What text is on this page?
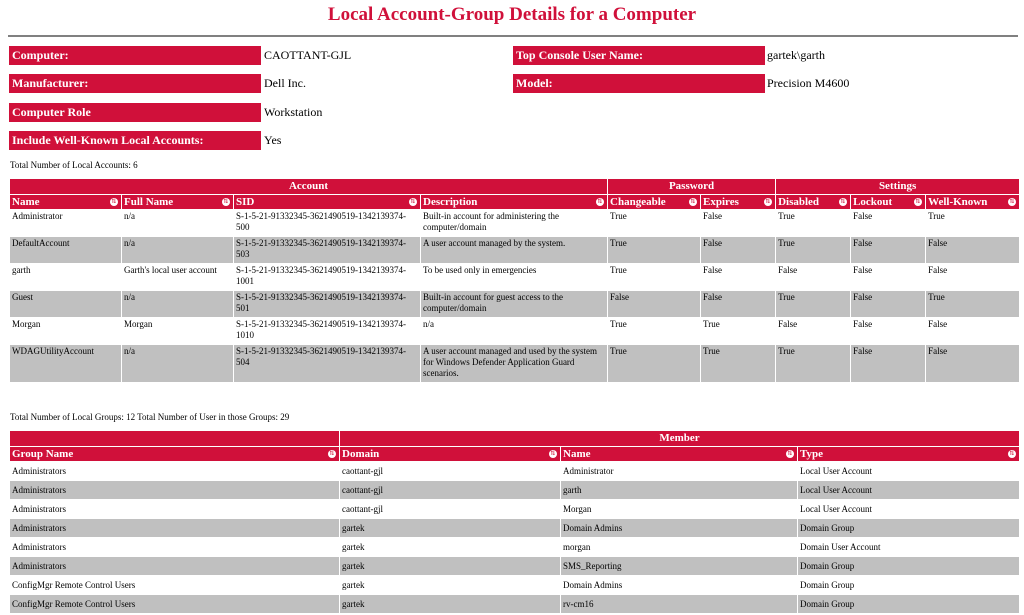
Local Account-Group Details for a Computer
Computer:	CAOTTANT-GJL	Top Console User Name:	gartek\garth
Manufacturer:	Dell Inc.	Model:	Precision M4600
Computer Role	Workstation
Include Well-Known Local Accounts:	Yes
Total Number of Local Accounts: 6
Account				Password		Settings		
Name ⇅	Full Name ⇅	SID ⇅	Description ⇅	Changeable ⇅	Expires ⇅	Disabled ⇅	Lockout ⇅	Well-Known ⇅

Administrator	n/a	S-1-5-21-91332345-3621490519-1342139374-500	Built-in account for administering the computer/domain	True	False	True	False	True
DefaultAccount	n/a	S-1-5-21-91332345-3621490519-1342139374-503	A user account managed by the system.	True	False	True	False	False
garth	Garth's local user account	S-1-5-21-91332345-3621490519-1342139374-1001	To be used only in emergencies	True	False	False	False	False
Guest	n/a	S-1-5-21-91332345-3621490519-1342139374-501	Built-in account for guest access to the computer/domain	False	False	True	False	True
Morgan	Morgan	S-1-5-21-91332345-3621490519-1342139374-1010	n/a	True	True	False	False	False
WDAGUtilityAccount	n/a	S-1-5-21-91332345-3621490519-1342139374-504	A user account managed and used by the system for Windows Defender Application Guard scenarios.	True	True	True	False	False
Total Number of Local Groups: 12 Total Number of User in those Groups: 29
	Member		
Group Name ⇅	Domain ⇅	Name ⇅	Type ⇅

Administrators	caottant-gjl	Administrator	Local User Account
Administrators	caottant-gjl	garth	Local User Account
Administrators	caottant-gjl	Morgan	Local User Account
Administrators	gartek	Domain Admins	Domain Group
Administrators	gartek	morgan	Domain User Account
Administrators	gartek	SMS_Reporting	Domain Group
ConfigMgr Remote Control Users	gartek	Domain Admins	Domain Group
ConfigMgr Remote Control Users	gartek	rv-cm16	Domain Group
